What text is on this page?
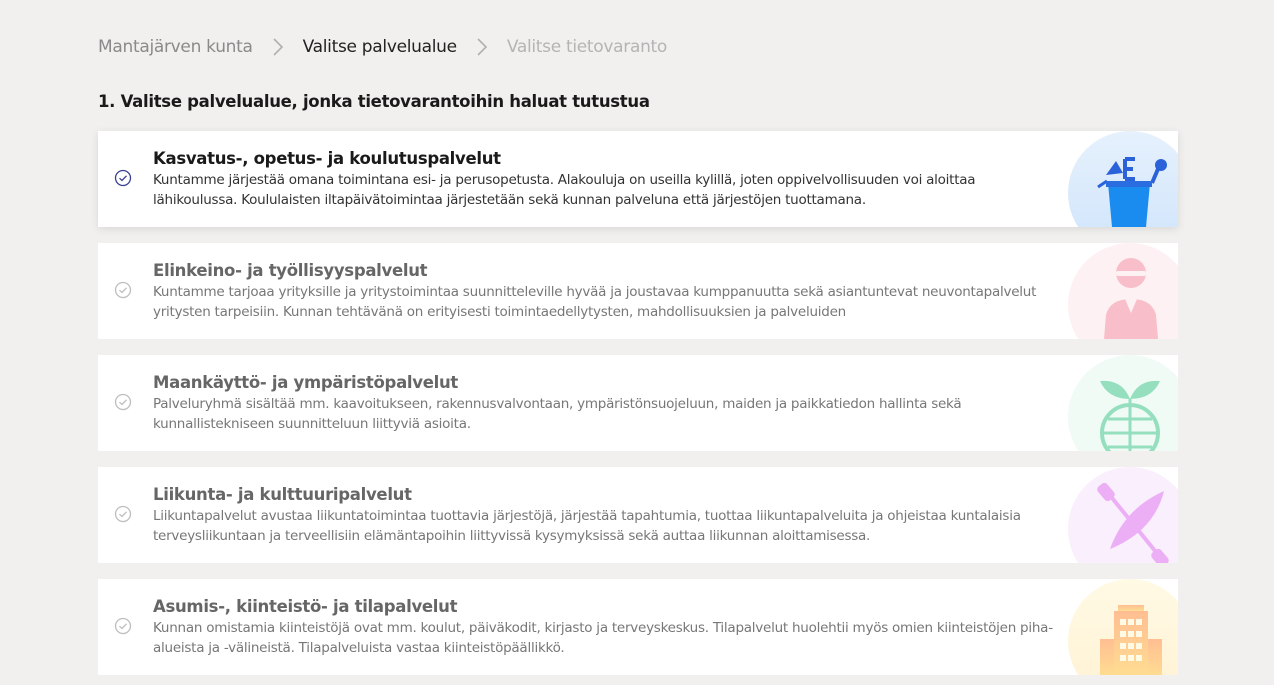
Mantajärven kunta	Valitse palvelualue	Valitse tietovaranto
1. Valitse palvelualue, jonka tietovarantoihin haluat tutustua
Kasvatus-, opetus- ja koulutuspalvelut
Kuntamme järjestää omana toimintana esi- ja perusopetusta. Alakouluja on useilla kylillä, joten oppivelvollisuuden voi aloittaa lähikoulussa. Koululaisten iltapäivätoimintaa järjestetään sekä kunnan palveluna että järjestöjen tuottamana.
Elinkeino- ja työllisyyspalvelut
Kuntamme tarjoaa yrityksille ja yritystoimintaa suunnitteleville hyvää ja joustavaa kumppanuutta sekä asiantuntevat neuvontapalvelut yritysten tarpeisiin. Kunnan tehtävänä on erityisesti toimintaedellytysten, mahdollisuuksien ja palveluiden
Maankäyttö- ja ympäristöpalvelut
Palveluryhmä sisältää mm. kaavoitukseen, rakennusvalvontaan, ympäristönsuojeluun, maiden ja paikkatiedon hallinta sekä kunnallistekniseen suunnitteluun liittyviä asioita.
Liikunta- ja kulttuuripalvelut
Liikuntapalvelut avustaa liikuntatoimintaa tuottavia järjestöjä, järjestää tapahtumia, tuottaa liikuntapalveluita ja ohjeistaa kuntalaisia terveysliikuntaan ja terveellisiin elämäntapoihin liittyvissä kysymyksissä sekä auttaa liikunnan aloittamisessa.
Asumis-, kiinteistö- ja tilapalvelut
Kunnan omistamia kiinteistöjä ovat mm. koulut, päiväkodit, kirjasto ja terveyskeskus. Tilapalvelut huolehtii myös omien kiinteistöjen piha-alueista ja -välineistä. Tilapalveluista vastaa kiinteistöpäällikkö.
